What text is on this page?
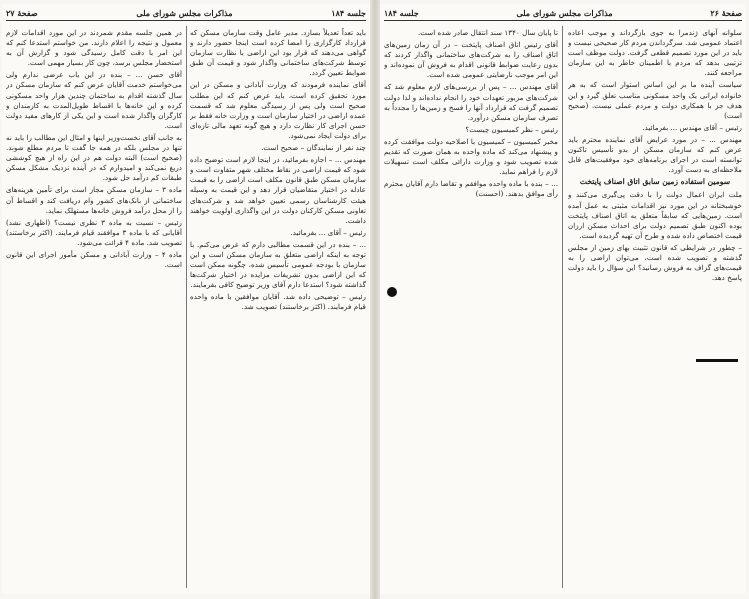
جلسه ۱۸۴
مذاکرات مجلس شورای ملی
صفحهٔ ۲۷

باید تعداً تعدیلاً بسازد. مدیر عامل وقت سازمان مسکن که قرارداد کارگزاری را امضا کرده است اینجا حضور دارند و گواهی می‌دهند که قرار بود این اراضی با نظارت سازمان توسط شرکت‌های ساختمانی واگذار شود و قیمت آن طبق ضوابط تعیین گردد.

آقای نماینده فرمودند که وزارت آبادانی و مسکن در این مورد تحقیق کرده است، باید عرض کنم که این مطلب صحیح است ولی پس از رسیدگی معلوم شد که قسمت عمده اراضی در اختیار سازمان است و وزارت خانه فقط بر حسن اجرای کار نظارت دارد و هیچ گونه تعهد مالی تازه‌ای برای دولت ایجاد نمی‌شود.

چند نفر از نمایندگان – صحیح است.

مهندس ... – اجازه بفرمائید، در اینجا لازم است توضیح داده شود که قیمت اراضی در نقاط مختلف شهر متفاوت است و سازمان مسکن طبق قانون مکلف است اراضی را به قیمت عادله در اختیار متقاضیان قرار دهد و این قیمت به وسیله هیئت کارشناسان رسمی تعیین خواهد شد و شرکت‌های تعاونی مسکن کارکنان دولت در این واگذاری اولویت خواهند داشت.

رئیس – آقای ... بفرمائید.

... – بنده در این قسمت مطالبی دارم که عرض می‌کنم. با توجه به اینکه اراضی متعلق به سازمان مسکن است و این سازمان با بودجه عمومی تأسیس شده، چگونه ممکن است که این اراضی بدون تشریفات مزایده در اختیار شرکت‌ها گذاشته شود؟ استدعا دارم آقای وزیر توضیح کافی بفرمایند.

رئیس – توضیحی داده شد. آقایان موافقین با ماده واحده قیام فرمایند. (اکثر برخاستند) تصویب شد.

در همین جلسه مقدم شمردند در این مورد اقدامات لازم معمول و نتیجه را اعلام دارند. من خواستم استدعا کنم که این امر با دقت کامل رسیدگی شود و گزارش آن به استحضار مجلس برسد، چون کار بسیار مهمی است.

آقای حسن ... – بنده در این باب عرضی ندارم ولی می‌خواستم خدمت آقایان عرض کنم که سازمان مسکن در سال گذشته اقدام به ساختمان چندین هزار واحد مسکونی کرده و این خانه‌ها با اقساط طویل‌المدت به کارمندان و کارگران واگذار شده است و این یکی از کارهای مفید دولت است.

به جانب آقای نخست‌وزیر اینها و امثال این مطالب را باید نه تنها در مجلس بلکه در همه جا گفت تا مردم مطلع شوند. (صحیح است) البته دولت هم در این راه از هیچ کوششی دریغ نمی‌کند و امیدوارم که در آینده نزدیک مشکل مسکن طبقات کم درآمد حل شود.

ماده ۳ – سازمان مسکن مجاز است برای تأمین هزینه‌های ساختمانی از بانک‌های کشور وام دریافت کند و اقساط آن را از محل درآمد فروش خانه‌ها مستهلک نماید.

رئیس – نسبت به ماده ۳ نظری نیست؟ (اظهاری نشد) آقایانی که با ماده ۳ موافقند قیام فرمایند. (اکثر برخاستند) تصویب شد. ماده ۴ قرائت می‌شود.

ماده ۴ – وزارت آبادانی و مسکن مأمور اجرای این قانون است.

صفحهٔ ۲۶
مذاکرات مجلس شورای ملی
جلسه ۱۸۴

سلوانه آنهای ژندمرا به جوی بازگرداند و موجب اعاده اعتماد عمومی شد. سرگرداندن مردم کار صحیحی نیست و باید در این مورد تصمیم قطعی گرفت. دولت موظف است ترتیبی بدهد که مردم با اطمینان خاطر به این سازمان مراجعه کنند.

سیاست آینده ما بر این اساس استوار است که به هر خانواده ایرانی یک واحد مسکونی مناسب تعلق گیرد و این هدف جز با همکاری دولت و مردم عملی نیست. (صحیح است)

رئیس – آقای مهندس ... بفرمائید.

مهندس ... – در مورد عرایض آقای نماینده محترم باید عرض کنم که سازمان مسکن از بدو تأسیس تاکنون توانسته است در اجرای برنامه‌های خود موفقیت‌های قابل ملاحظه‌ای به دست آورد.

سومین استفاده زمین سابق اتاق اصناف پایتخت

ملت ایران اعمال دولت را با دقت پی‌گیری می‌کنند و خوشبختانه در این مورد نیز اقدامات مثبتی به عمل آمده است. زمین‌هایی که سابقاً متعلق به اتاق اصناف پایتخت بوده اکنون طبق تصمیم دولت برای احداث مسکن ارزان قیمت اختصاص داده شده و طرح آن تهیه گردیده است.

– چطور در شرایطی که قانون تثبیت بهای زمین از مجلس گذشته و تصویب شده است، می‌توان اراضی را به قیمت‌های گزاف به فروش رسانید؟ این سؤال را باید دولت پاسخ دهد.

تا پایان سال ۱۳۴۰ سند انتقال صادر شده است.

آقای رئیس اتاق اصناف پایتخت – در آن زمان زمین‌های اتاق اصناف را به شرکت‌های ساختمانی واگذار کردند که بدون رعایت ضوابط قانونی اقدام به فروش آن نموده‌اند و این امر موجب نارضایتی عمومی شده است.

آقای مهندس ... – پس از بررسی‌های لازم معلوم شد که شرکت‌های مزبور تعهدات خود را انجام نداده‌اند و لذا دولت تصمیم گرفت که قرارداد آنها را فسخ و زمین‌ها را مجدداً به تصرف سازمان مسکن درآورد.

رئیس – نظر کمیسیون چیست؟

مخبر کمیسیون – کمیسیون با اصلاحیه دولت موافقت کرده و پیشنهاد می‌کند که ماده واحده به همان صورت که تقدیم شده تصویب شود و وزارت دارائی مکلف است تسهیلات لازم را فراهم نماید.

... – بنده با ماده واحده موافقم و تقاضا دارم آقایان محترم رأی موافق بدهند. (احسنت)
